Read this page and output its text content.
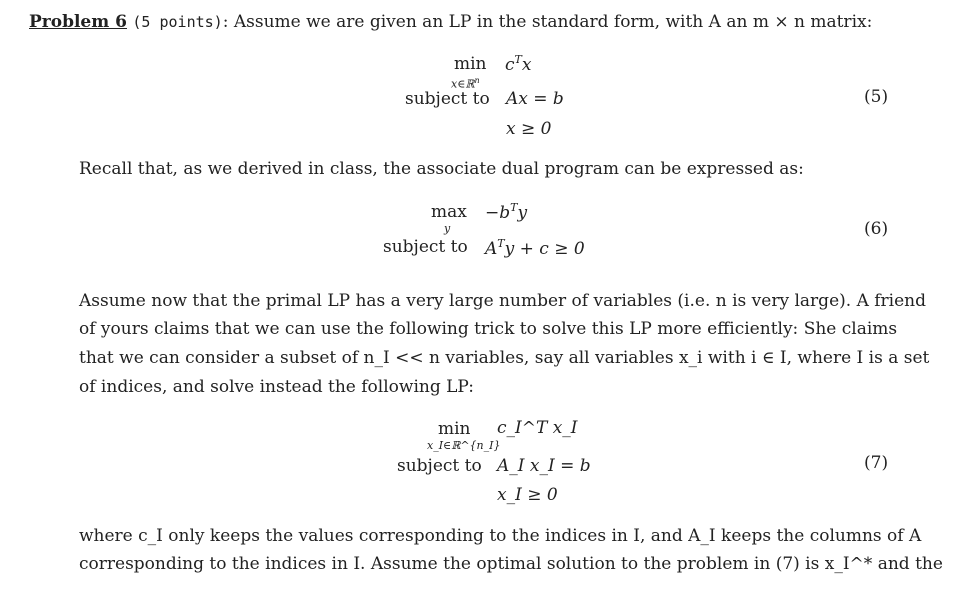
Problem 6 (5 points): Assume we are given an LP in the standard form, with A an m × n matrix:
min
x∈ℝ$^n$
$c^Tx$
subject to Ax = b
x ≥ 0
(5)
Recall that, as we derived in class, the associate dual program can be expressed as:
max
y
$-b^Ty$
subject to $A^Ty + c \ge 0$
(6)
Assume now that the primal LP has a very large number of variables (i.e. n is very large). A friend
of yours claims that we can use the following trick to solve this LP more efficiently: She claims
that we can consider a subset of n_I << n variables, say all variables x_i with i ∈ I, where I is a set
of indices, and solve instead the following LP:
min
x_I∈ℝ^{n_I}
c_I^T x_I
subject to A_I x_I = b
x_I ≥ 0
(7)
where c_I only keeps the values corresponding to the indices in I, and A_I keeps the columns of A
corresponding to the indices in I. Assume the optimal solution to the problem in (7) is x_I^* and the
